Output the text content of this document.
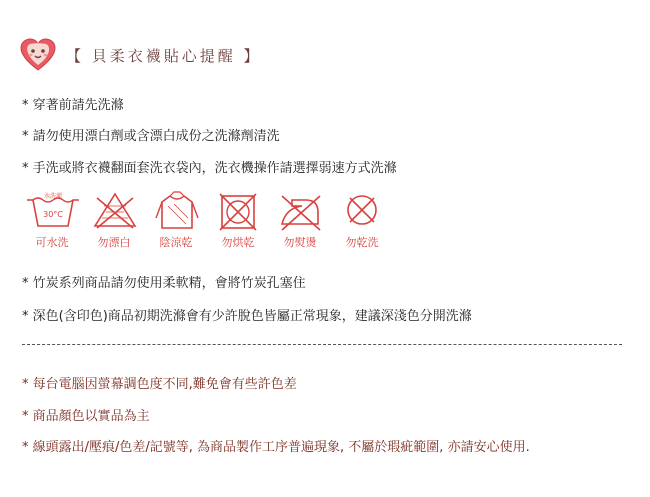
【 貝柔衣襪貼心提醒 】
* 穿著前請先洗滌
* 請勿使用漂白劑或含漂白成份之洗滌劑清洗
* 手洗或將衣襪翻面套洗衣袋內，洗衣機操作請選擇弱速方式洗滌
水洗濯
30°C
可水洗	勿漂白	陰涼乾	勿烘乾	勿熨燙	勿乾洗
* 竹炭系列商品請勿使用柔軟精，會將竹炭孔塞住
* 深色(含印色)商品初期洗滌會有少許脫色皆屬正常現象，建議深淺色分開洗滌
* 每台電腦因螢幕調色度不同,難免會有些許色差
* 商品顏色以實品為主
* 線頭露出/壓痕/色差/記號等, 為商品製作工序普遍現象, 不屬於瑕疵範圍, 亦請安心使用.
